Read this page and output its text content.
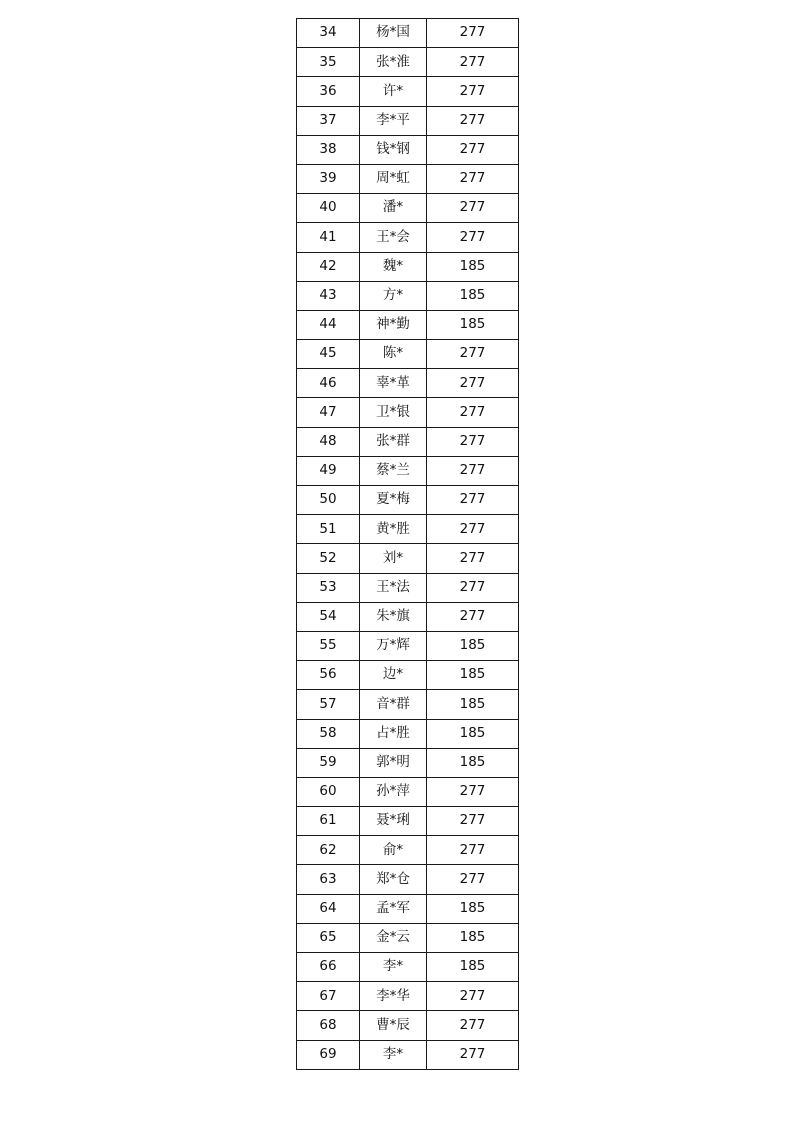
34	杨*国	277
35	张*淮	277
36	许*	277
37	李*平	277
38	钱*钢	277
39	周*虹	277
40	潘*	277
41	王*会	277
42	魏*	185
43	方*	185
44	神*勤	185
45	陈*	277
46	辜*革	277
47	卫*银	277
48	张*群	277
49	蔡*兰	277
50	夏*梅	277
51	黄*胜	277
52	刘*	277
53	王*法	277
54	朱*旗	277
55	万*辉	185
56	边*	185
57	音*群	185
58	占*胜	185
59	郭*明	185
60	孙*萍	277
61	聂*琍	277
62	俞*	277
63	郑*仓	277
64	孟*军	185
65	金*云	185
66	李*	185
67	李*华	277
68	曹*辰	277
69	李*	277
